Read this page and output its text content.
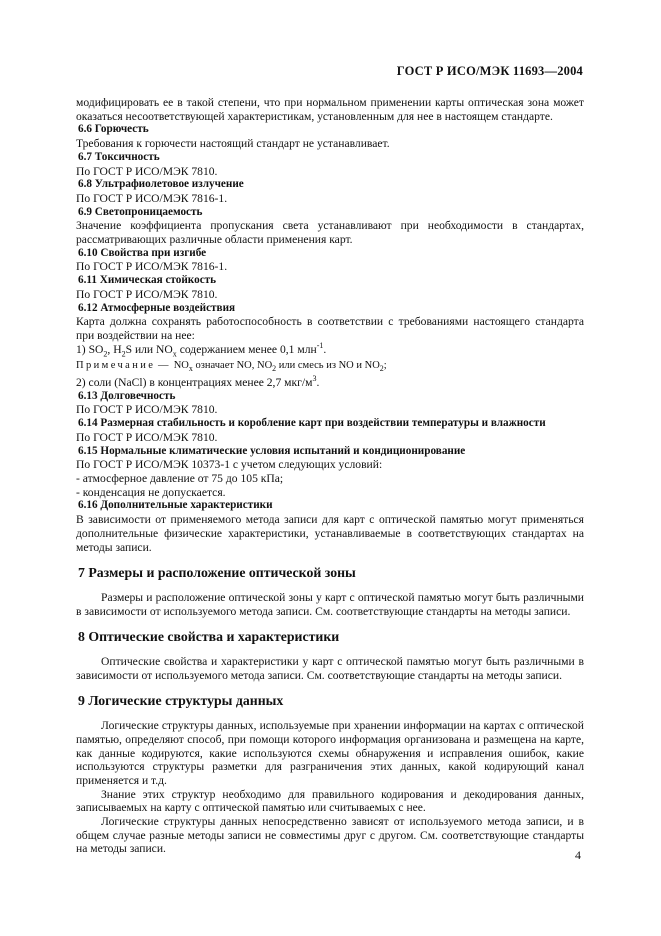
ГОСТ Р ИСО/МЭК 11693—2004

модифицировать ее в такой степени, что при нормальном применении карты оптическая зона может оказаться несоответствующей характеристикам, установленным для нее в настоящем стандарте.

6.6 Горючесть

Требования к горючести настоящий стандарт не устанавливает.

6.7 Токсичность

По ГОСТ Р ИСО/МЭК 7810.

6.8 Ультрафиолетовое излучение

По ГОСТ Р ИСО/МЭК 7816-1.

6.9 Светопроницаемость

Значение коэффициента пропускания света устанавливают при необходимости в стандартах, рассматривающих различные области применения карт.

6.10 Свойства при изгибе

По ГОСТ Р ИСО/МЭК 7816-1.

6.11 Химическая стойкость

По ГОСТ Р ИСО/МЭК 7810.

6.12 Атмосферные воздействия

Карта должна сохранять работоспособность в соответствии с требованиями настоящего стандарта при воздействии на нее:

1) $SO_2$, $H_2S$ или $NO_x$ содержанием менее 0,1 млн$^{-1}$.

Примечание — $NO_x$ означает NO, $NO_2$ или смесь из NO и $NO_2$;

2) соли (NaCl) в концентрациях менее 2,7 мкг/$м^3$.

6.13 Долговечность

По ГОСТ Р ИСО/МЭК 7810.

6.14 Размерная стабильность и коробление карт при воздействии температуры и влажности

По ГОСТ Р ИСО/МЭК 7810.

6.15 Нормальные климатические условия испытаний и кондиционирование

По ГОСТ Р ИСО/МЭК 10373-1 с учетом следующих условий:

- атмосферное давление от 75 до 105 кПа;

- конденсация не допускается.

6.16 Дополнительные характеристики

В зависимости от применяемого метода записи для карт с оптической памятью могут применяться дополнительные физические характеристики, устанавливаемые в соответствующих стандартах на методы записи.

7 Размеры и расположение оптической зоны

Размеры и расположение оптической зоны у карт с оптической памятью могут быть различными в зависимости от используемого метода записи. См. соответствующие стандарты на методы записи.

8 Оптические свойства и характеристики

Оптические свойства и характеристики у карт с оптической памятью могут быть различными в зависимости от используемого метода записи. См. соответствующие стандарты на методы записи.

9 Логические структуры данных

Логические структуры данных, используемые при хранении информации на картах с оптической памятью, определяют способ, при помощи которого информация организована и размещена на карте, как данные кодируются, какие используются схемы обнаружения и исправления ошибок, какие используются структуры разметки для разграничения этих данных, какой кодирующий канал применяется и т.д.

Знание этих структур необходимо для правильного кодирования и декодирования данных, записываемых на карту с оптической памятью или считываемых с нее.

Логические структуры данных непосредственно зависят от используемого метода записи, и в общем случае разные методы записи не совместимы друг с другом. См. соответствующие стандарты на методы записи.	4
